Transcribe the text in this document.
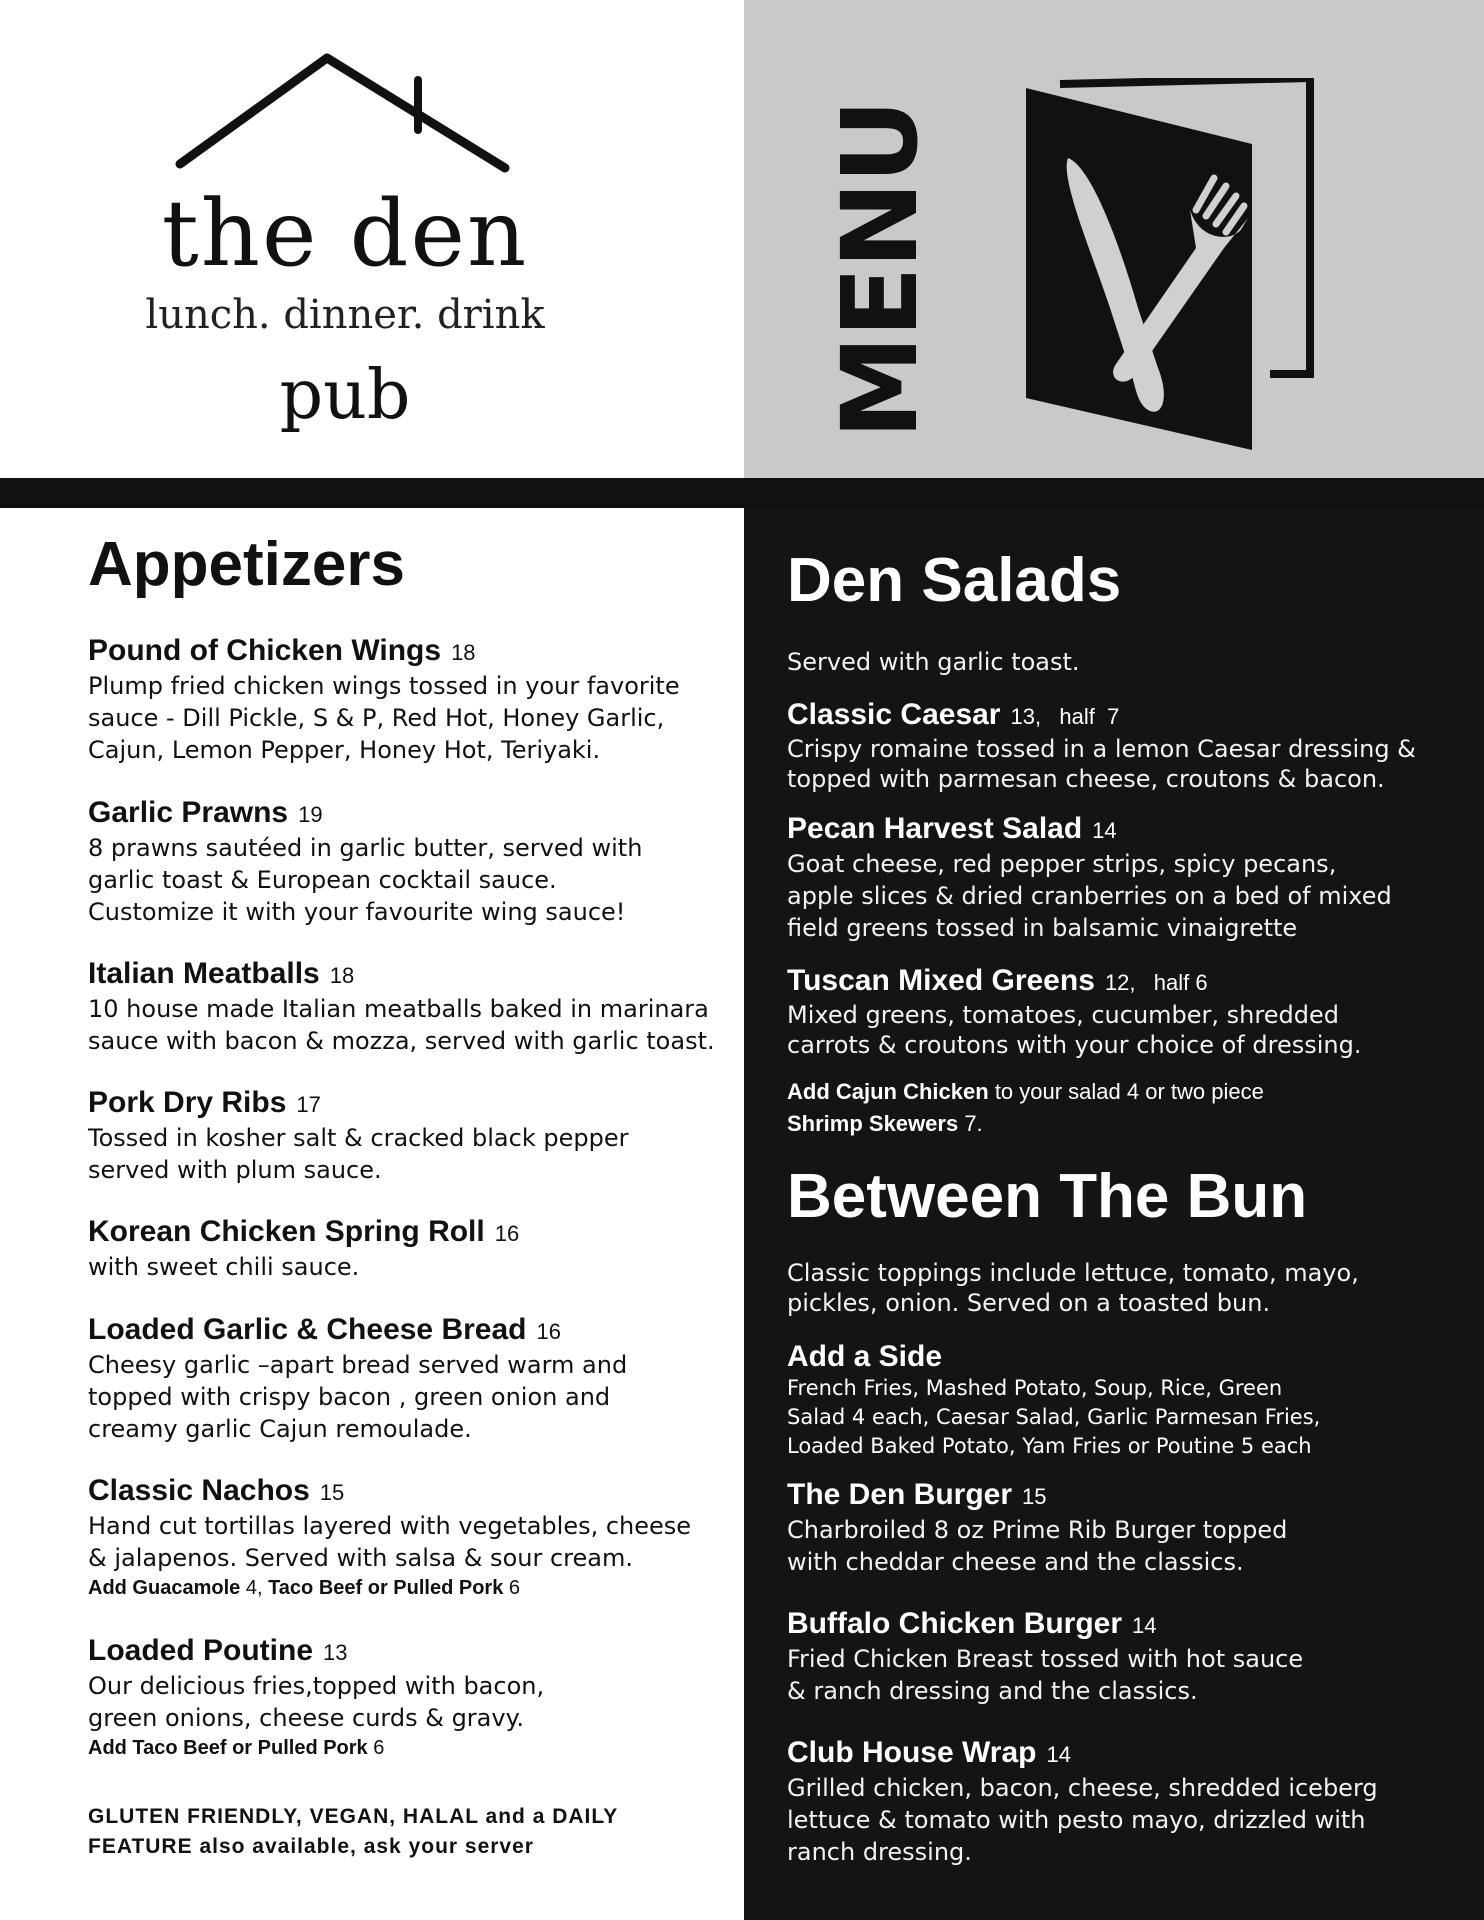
the den
lunch. dinner. drink
pub	MENU
Appetizers
Pound of Chicken Wings 18

Plump fried chicken wings tossed in your favorite

sauce - Dill Pickle, S & P, Red Hot, Honey Garlic,

Cajun, Lemon Pepper, Honey Hot, Teriyaki.

Garlic Prawns 19

8 prawns sautéed in garlic butter, served with

garlic toast & European cocktail sauce.

Customize it with your favourite wing sauce!

Italian Meatballs 18

10 house made Italian meatballs baked in marinara

sauce with bacon & mozza, served with garlic toast.

Pork Dry Ribs 17

Tossed in kosher salt & cracked black pepper

served with plum sauce.

Korean Chicken Spring Roll 16

with sweet chili sauce.

Loaded Garlic & Cheese Bread 16

Cheesy garlic –apart bread served warm and

topped with crispy bacon , green onion and

creamy garlic Cajun remoulade.

Classic Nachos 15

Hand cut tortillas layered with vegetables, cheese

& jalapenos. Served with salsa & sour cream.

Add Guacamole 4, Taco Beef or Pulled Pork 6
Loaded Poutine 13

Our delicious fries,topped with bacon,

green onions, cheese curds & gravy.

Add Taco Beef or Pulled Pork 6
GLUTEN FRIENDLY, VEGAN, HALAL and a DAILY
FEATURE also available, ask your server
Den Salads

Served with garlic toast.

Classic Caesar 13,   half  7

Crispy romaine tossed in a lemon Caesar dressing &

topped with parmesan cheese, croutons & bacon.

Pecan Harvest Salad 14

Goat cheese, red pepper strips, spicy pecans,

apple slices & dried cranberries on a bed of mixed

field greens tossed in balsamic vinaigrette

Tuscan Mixed Greens 12,   half 6

Mixed greens, tomatoes, cucumber, shredded

carrots & croutons with your choice of dressing.

Add Cajun Chicken to your salad 4 or two piece
Shrimp Skewers 7.
Between The Bun

Classic toppings include lettuce, tomato, mayo,

pickles, onion. Served on a toasted bun.

Add a Side

French Fries, Mashed Potato, Soup, Rice, Green

Salad 4 each, Caesar Salad, Garlic Parmesan Fries,

Loaded Baked Potato, Yam Fries or Poutine 5 each

The Den Burger 15

Charbroiled 8 oz Prime Rib Burger topped

with cheddar cheese and the classics.

Buffalo Chicken Burger 14

Fried Chicken Breast tossed with hot sauce

& ranch dressing and the classics.

Club House Wrap 14

Grilled chicken, bacon, cheese, shredded iceberg

lettuce & tomato with pesto mayo, drizzled with

ranch dressing.
